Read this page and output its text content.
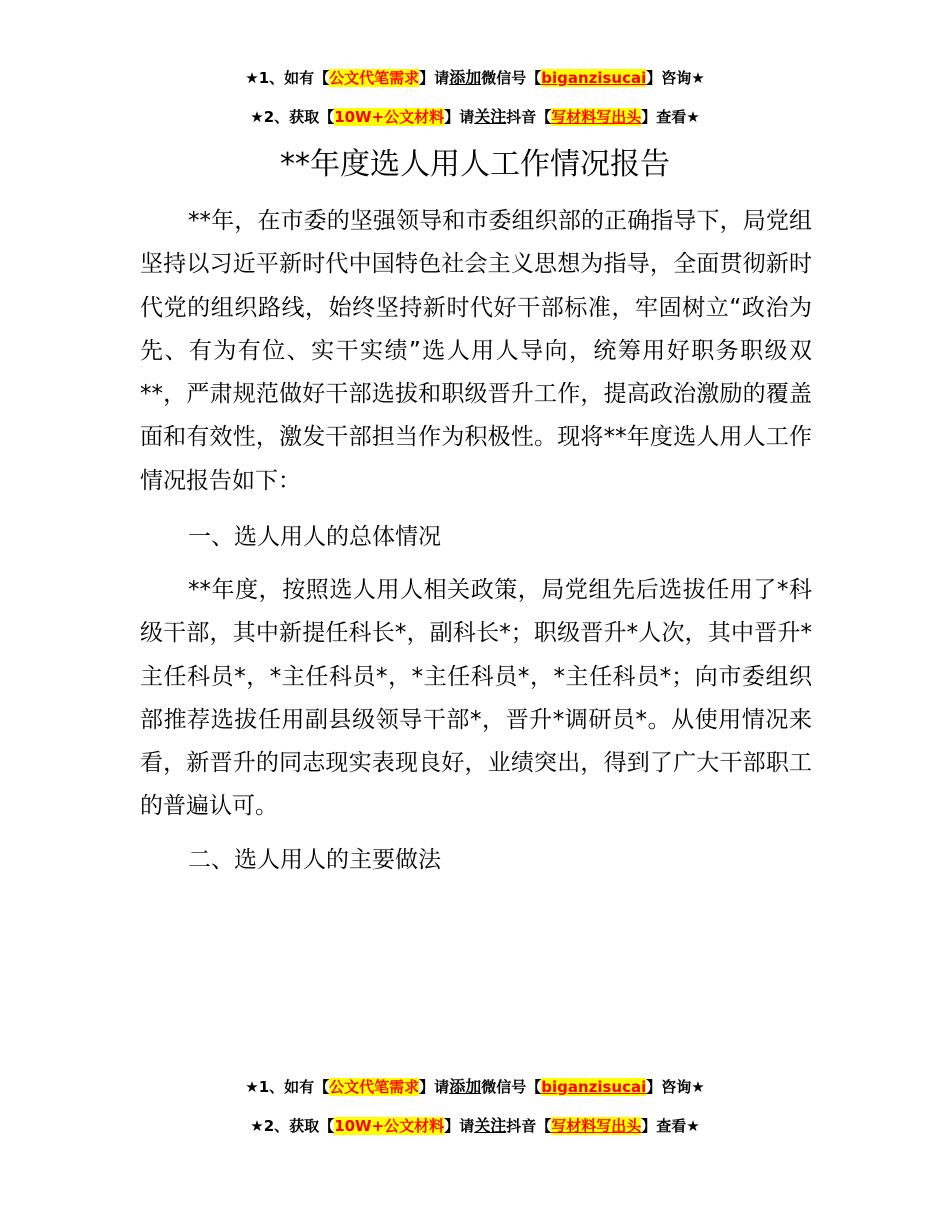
★1、如有【公文代笔需求】请添加微信号【biganzisucai】咨询★
★2、获取【10W+公文材料】请关注抖音【写材料写出头】查看★
**年度选人用人工作情况报告

**年，在市委的坚强领导和市委组织部的正确指导下，局党组坚持以习近平新时代中国特色社会主义思想为指导，全面贯彻新时代党的组织路线，始终坚持新时代好干部标准，牢固树立“政治为先、有为有位、实干实绩”选人用人导向，统筹用好职务职级双**，严肃规范做好干部选拔和职级晋升工作，提高政治激励的覆盖面和有效性，激发干部担当作为积极性。现将**年度选人用人工作情况报告如下：

一、选人用人的总体情况

**年度，按照选人用人相关政策，局党组先后选拔任用了*科级干部，其中新提任科长*，副科长*；职级晋升*人次，其中晋升*主任科员*，*主任科员*，*主任科员*，*主任科员*；向市委组织部推荐选拔任用副县级领导干部*，晋升*调研员*。从使用情况来看，新晋升的同志现实表现良好，业绩突出，得到了广大干部职工的普遍认可。

二、选人用人的主要做法

★1、如有【公文代笔需求】请添加微信号【biganzisucai】咨询★
★2、获取【10W+公文材料】请关注抖音【写材料写出头】查看★
